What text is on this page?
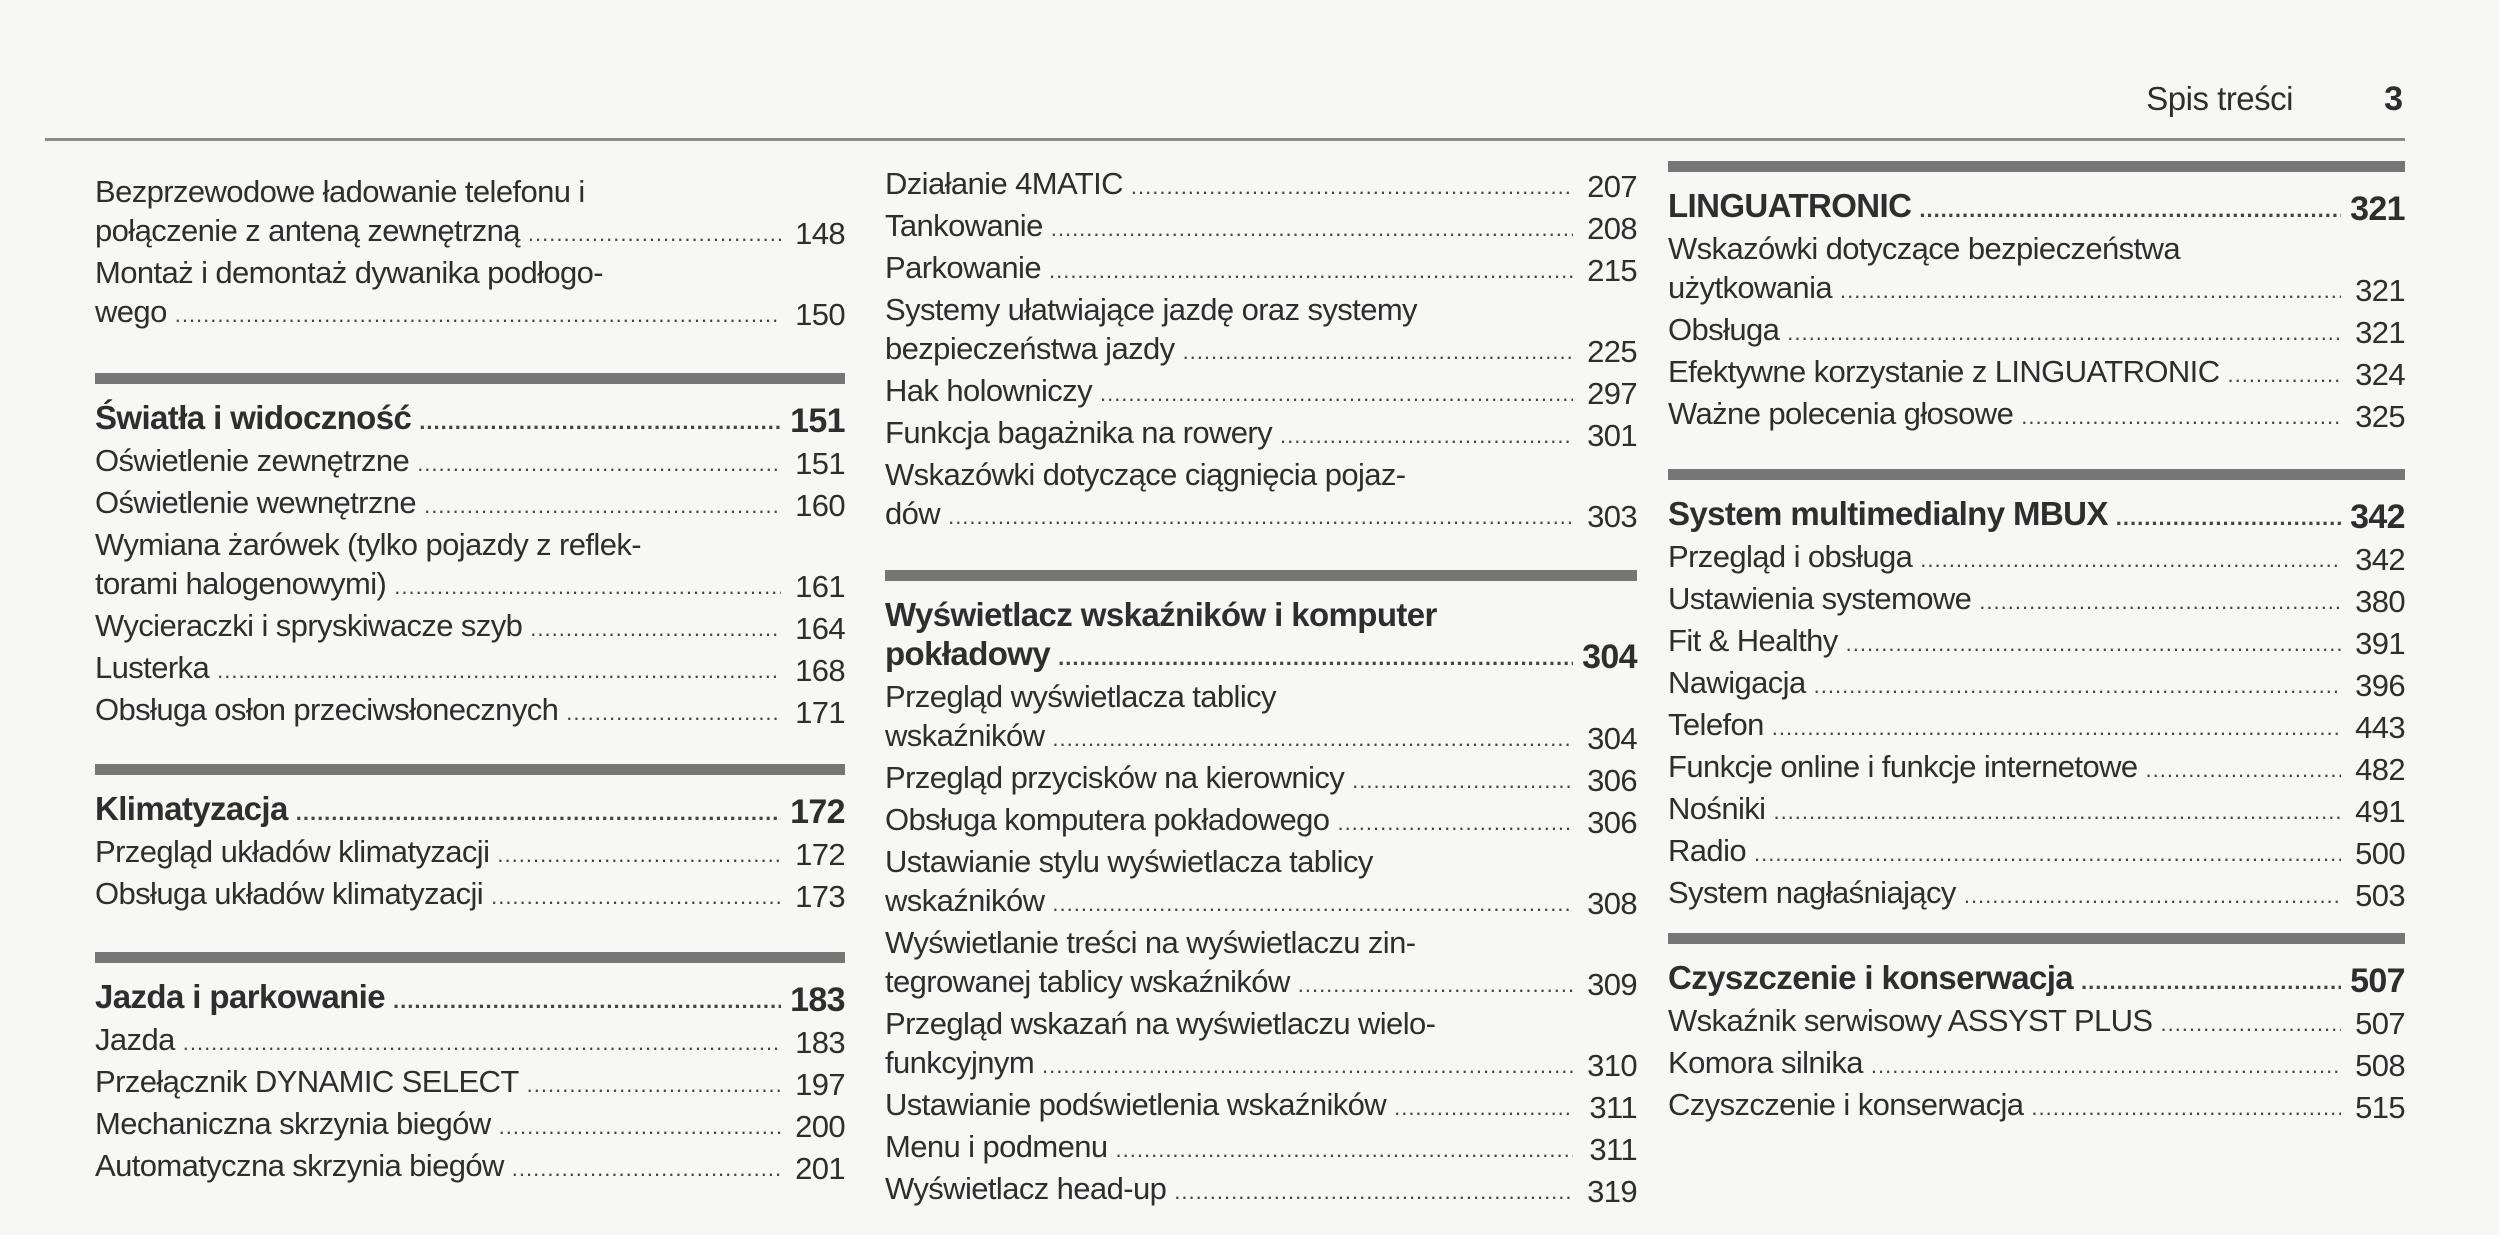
Spis treści	3
Bezprzewodowe ładowanie telefonu i
połączenie z anteną zewnętrzną .....	148
Montaż i demontaż dywanika podłogo-
wego .....	150
Światła i widoczność .....	151
Oświetlenie zewnętrzne .....	151
Oświetlenie wewnętrzne .....	160
Wymiana żarówek (tylko pojazdy z reflek-
torami halogenowymi) .....	161
Wycieraczki i spryskiwacze szyb .....	164
Lusterka .....	168
Obsługa osłon przeciwsłonecznych .....	171
Klimatyzacja .....	172
Przegląd układów klimatyzacji .....	172
Obsługa układów klimatyzacji .....	173
Jazda i parkowanie .....	183
Jazda .....	183
Przełącznik DYNAMIC SELECT .....	197
Mechaniczna skrzynia biegów .....	200
Automatyczna skrzynia biegów .....	201
Działanie 4MATIC .....	207
Tankowanie .....	208
Parkowanie .....	215
Systemy ułatwiające jazdę oraz systemy
bezpieczeństwa jazdy .....	225
Hak holowniczy .....	297
Funkcja bagażnika na rowery .....	301
Wskazówki dotyczące ciągnięcia pojaz-
dów .....	303
Wyświetlacz wskaźników i komputer
pokładowy .....	304
Przegląd wyświetlacza tablicy
wskaźników .....	304
Przegląd przycisków na kierownicy .....	306
Obsługa komputera pokładowego .....	306
Ustawianie stylu wyświetlacza tablicy
wskaźników .....	308
Wyświetlanie treści na wyświetlaczu zin-
tegrowanej tablicy wskaźników .....	309
Przegląd wskazań na wyświetlaczu wielo-
funkcyjnym .....	310
Ustawianie podświetlenia wskaźników .....	311
Menu i podmenu .....	311
Wyświetlacz head-up .....	319
LINGUATRONIC .....	321
Wskazówki dotyczące bezpieczeństwa
użytkowania .....	321
Obsługa .....	321
Efektywne korzystanie z LINGUATRONIC .....	324
Ważne polecenia głosowe .....	325
System multimedialny MBUX .....	342
Przegląd i obsługa .....	342
Ustawienia systemowe .....	380
Fit & Healthy .....	391
Nawigacja .....	396
Telefon .....	443
Funkcje online i funkcje internetowe .....	482
Nośniki .....	491
Radio .....	500
System nagłaśniający .....	503
Czyszczenie i konserwacja .....	507
Wskaźnik serwisowy ASSYST PLUS .....	507
Komora silnika .....	508
Czyszczenie i konserwacja .....	515
